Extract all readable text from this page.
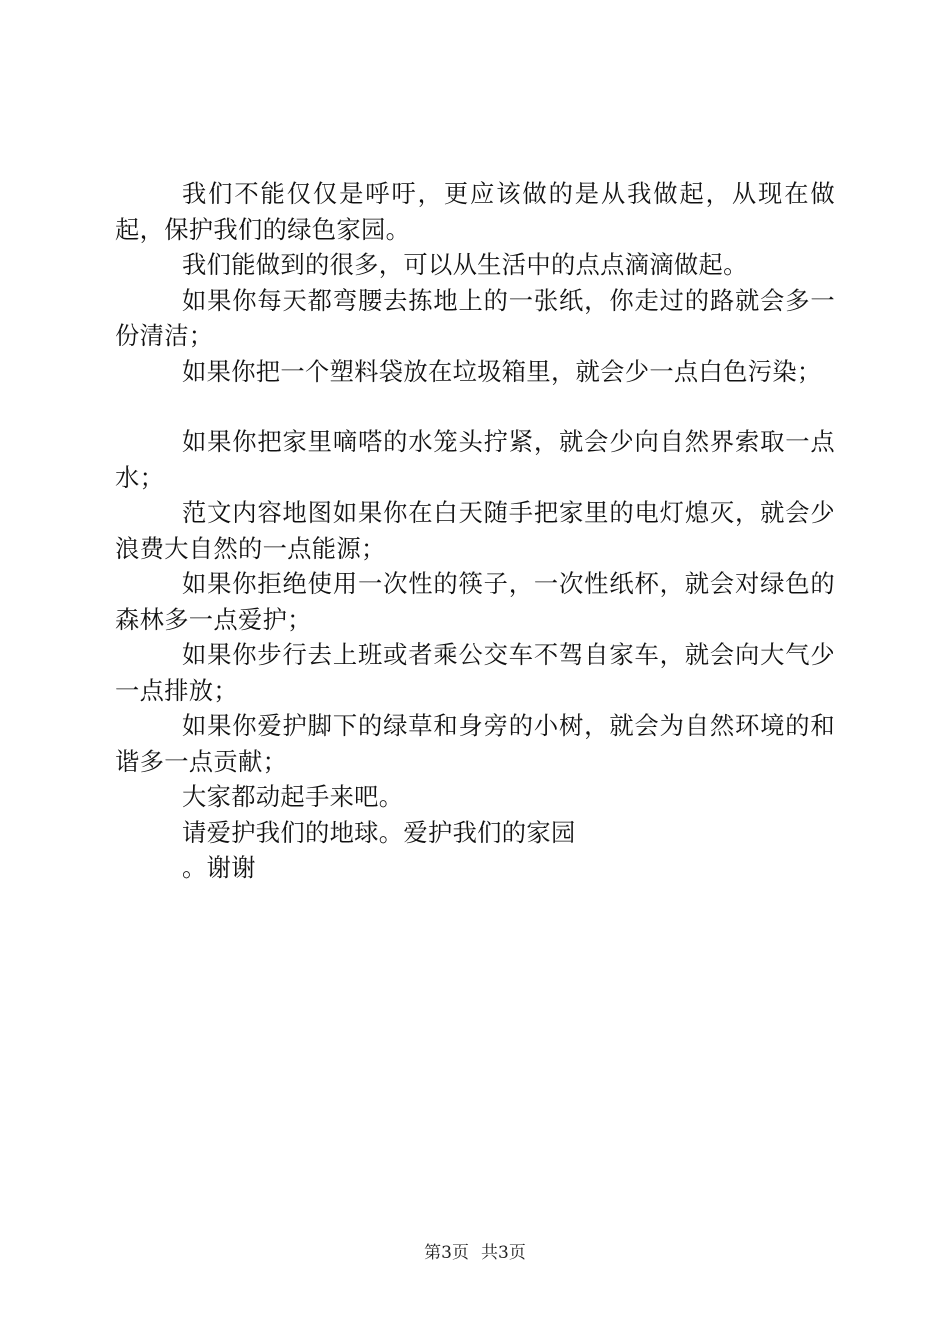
我们不能仅仅是呼吁，更应该做的是从我做起，从现在做起，保护我们的绿色家园。

我们能做到的很多，可以从生活中的点点滴滴做起。

如果你每天都弯腰去拣地上的一张纸，你走过的路就会多一份清洁；

如果你把一个塑料袋放在垃圾箱里，就会少一点白色污染；

如果你把家里嘀嗒的水笼头拧紧，就会少向自然界索取一点水；

范文内容地图如果你在白天随手把家里的电灯熄灭，就会少浪费大自然的一点能源；

如果你拒绝使用一次性的筷子，一次性纸杯，就会对绿色的森林多一点爱护；

如果你步行去上班或者乘公交车不驾自家车，就会向大气少一点排放；

如果你爱护脚下的绿草和身旁的小树，就会为自然环境的和谐多一点贡献；

大家都动起手来吧。

请爱护我们的地球。爱护我们的家园

。谢谢

第3页 共3页
